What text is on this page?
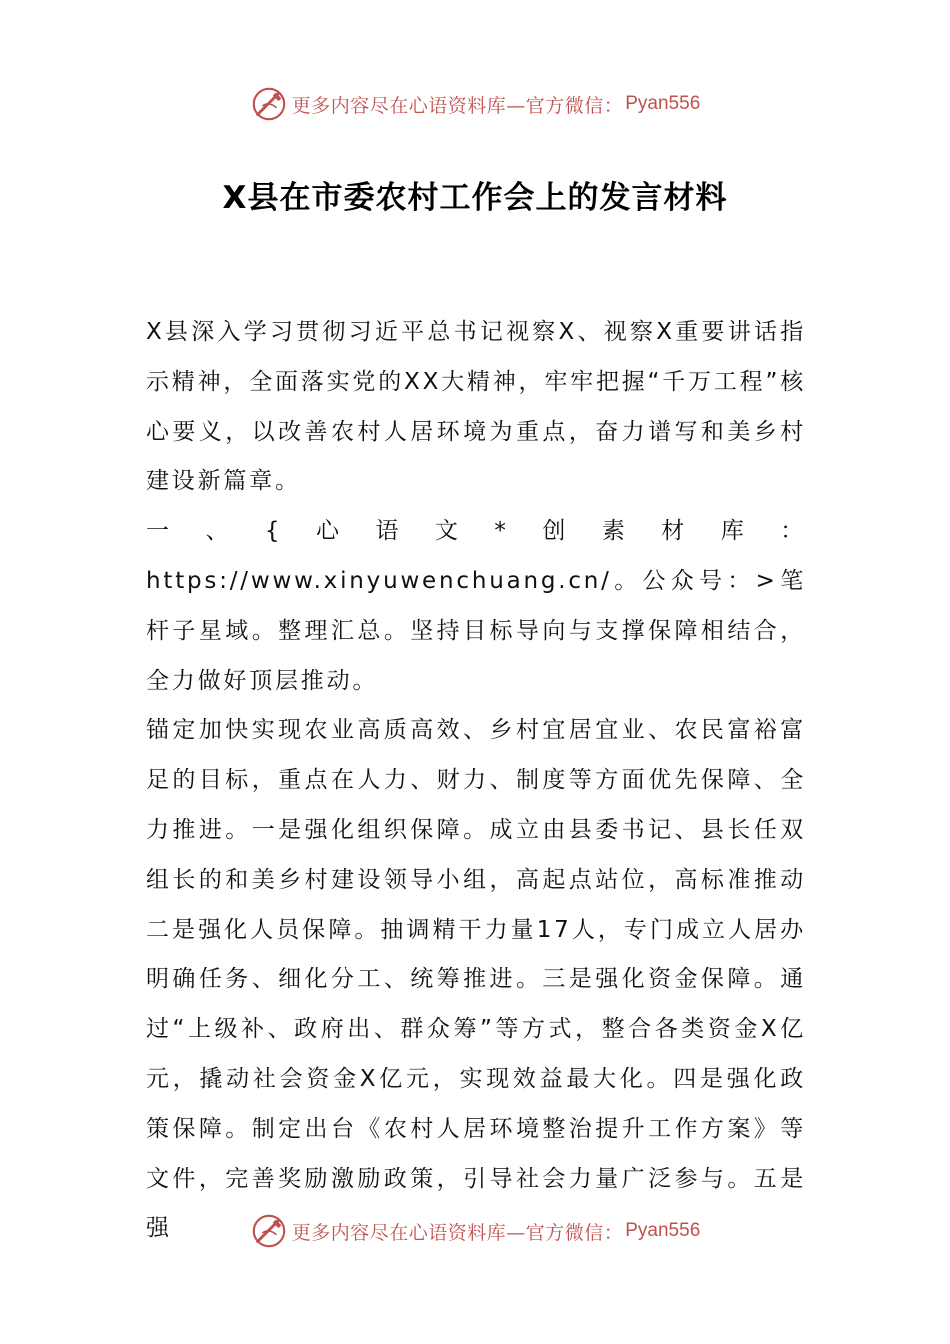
更多内容尽在心语资料库—官方微信： Pyan556
X县在市委农村工作会上的发言材料

X县深入学习贯彻习近平总书记视察X、视察X重要讲话指示精神，全面落实党的XX大精神，牢牢把握“千万工程”核心要义，以改善农村人居环境为重点，奋力谱写和美乡村建设新篇章。

一、{心语文*创素材库：https://www.xinyuwenchuang.cn/。公众号：>笔杆子星域。整理汇总。坚持目标导向与支撑保障相结合，全力做好顶层推动。

锚定加快实现农业高质高效、乡村宜居宜业、农民富裕富足的目标，重点在人力、财力、制度等方面优先保障、全力推进。一是强化组织保障。成立由县委书记、县长任双组长的和美乡村建设领导小组，高起点站位，高标准推动二是强化人员保障。抽调精干力量17人，专门成立人居办明确任务、细化分工、统筹推进。三是强化资金保障。通过“上级补、政府出、群众筹”等方式，整合各类资金X亿元，撬动社会资金X亿元，实现效益最大化。四是强化政策保障。制定出台《农村人居环境整治提升工作方案》等文件，完善奖励激励政策，引导社会力量广泛参与。五是强	更多内容尽在心语资料库—官方微信： Pyan556
